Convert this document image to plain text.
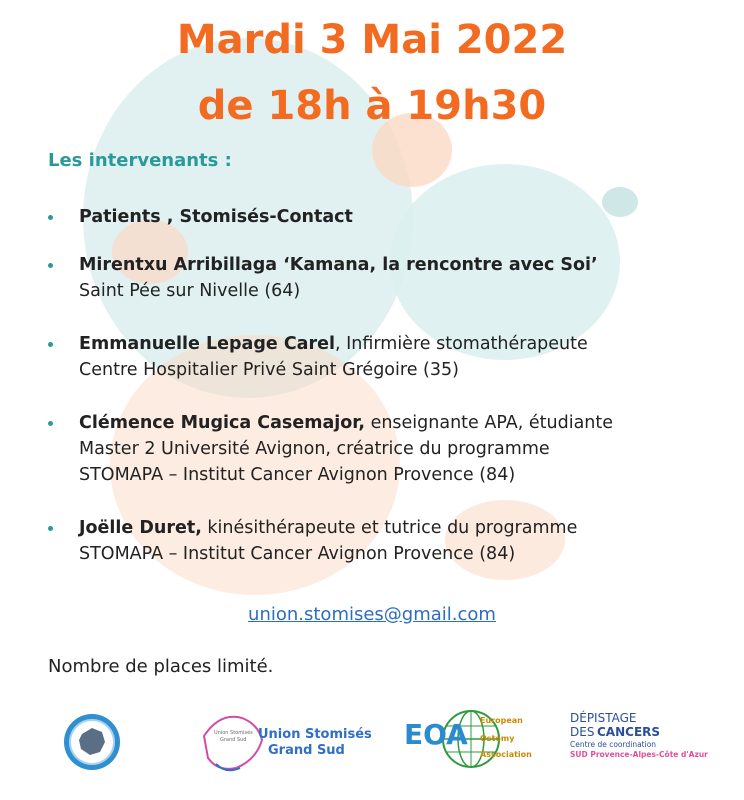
Mardi 3 Mai 2022
de 18h à 19h30
Les intervenants :
Patients , Stomisés-Contact
Mirentxu Arribillaga ‘Kamana, la rencontre avec Soi’
Saint Pée sur Nivelle (64)
Emmanuelle Lepage Carel, Infirmière stomathérapeute
Centre Hospitalier Privé Saint Grégoire (35)
Clémence Mugica Casemajor, enseignante APA, étudiante
Master 2 Université Avignon, créatrice du programme
STOMAPA – Institut Cancer Avignon Provence (84)
Joëlle Duret, kinésithérapeute et tutrice du programme
STOMAPA – Institut Cancer Avignon Provence (84)
union.stomises@gmail.com
Nombre de places limité.
Union Stomisés
Grand Sud Union Stomisés
Grand Sud EOA European
Ostomy
Association
DÉPISTAGE
DES CANCERS
Centre de coordination
SUD Provence-Alpes-Côte d'Azur
